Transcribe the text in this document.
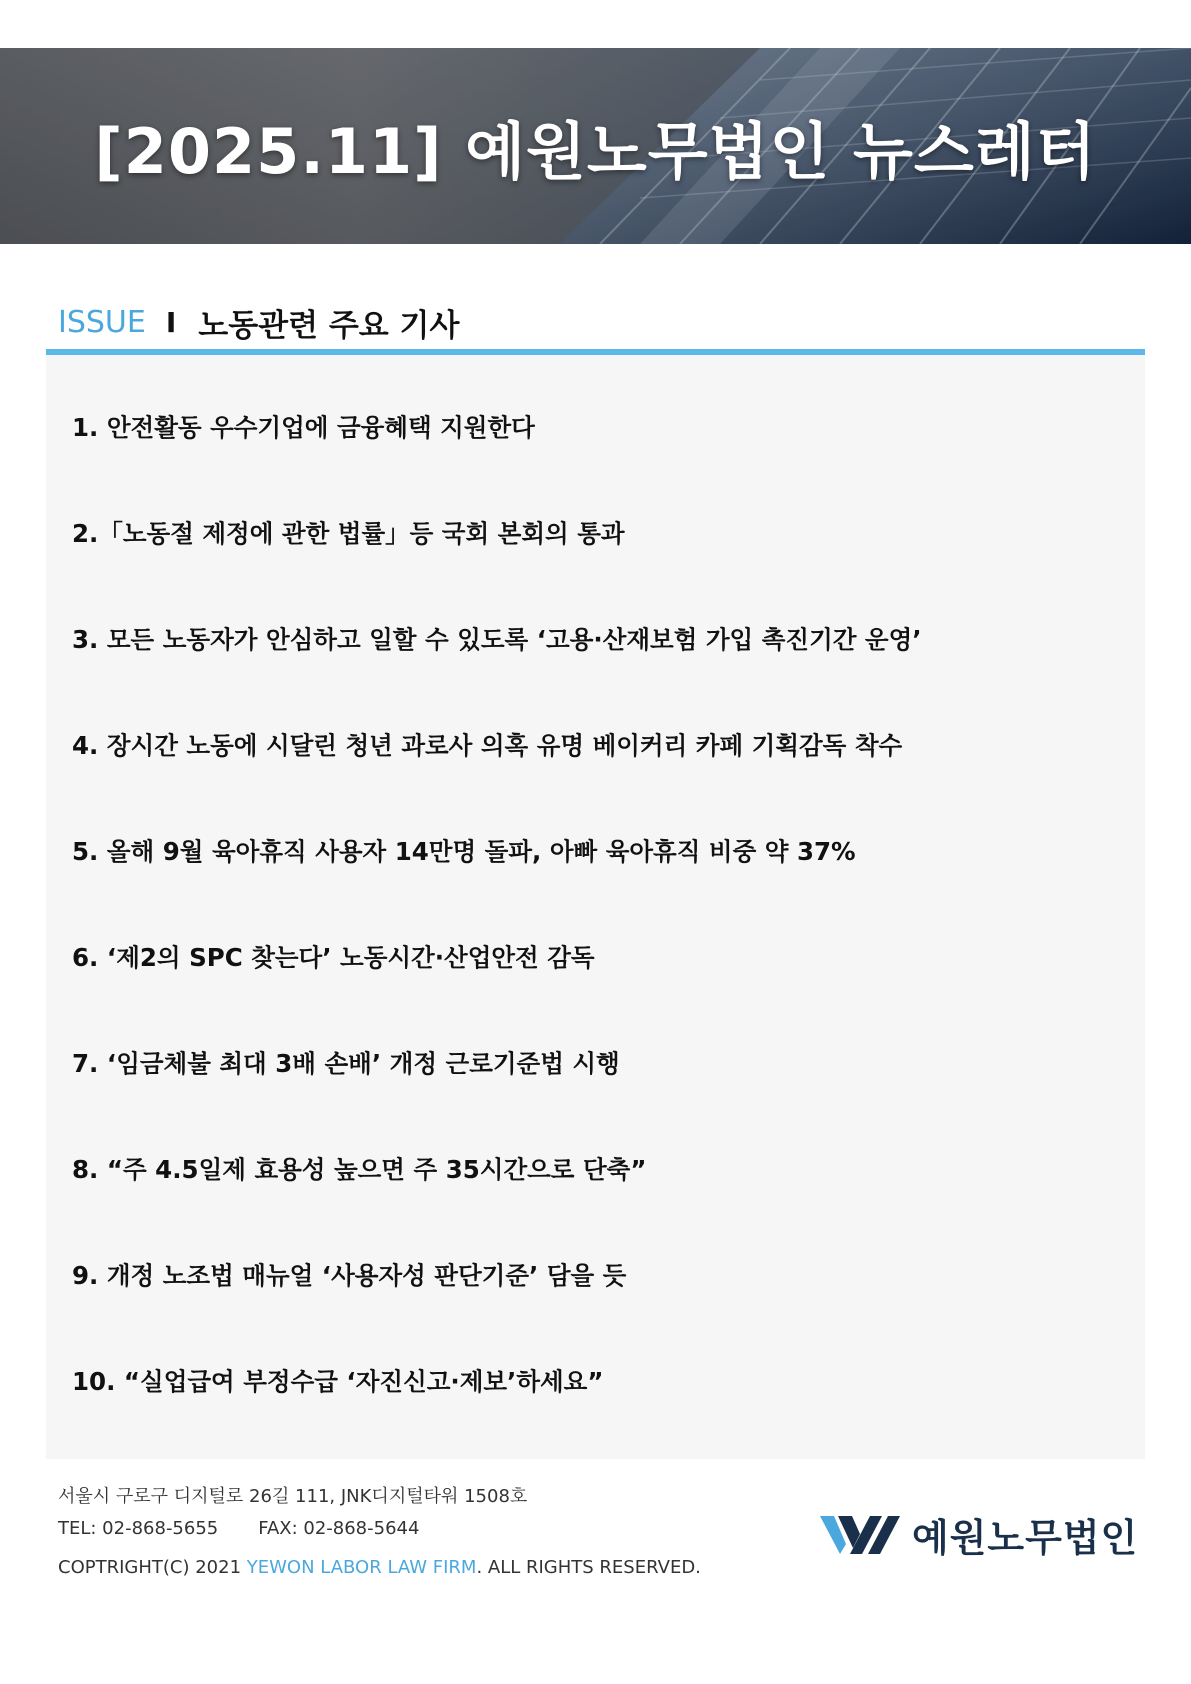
[2025.11] 예원노무법인 뉴스레터
ISSUE I 노동관련 주요 기사
1. 안전활동 우수기업에 금융혜택 지원한다
2.「노동절 제정에 관한 법률」등 국회 본회의 통과
3. 모든 노동자가 안심하고 일할 수 있도록 ‘고용·산재보험 가입 촉진기간 운영’
4. 장시간 노동에 시달린 청년 과로사 의혹 유명 베이커리 카페 기획감독 착수
5. 올해 9월 육아휴직 사용자 14만명 돌파, 아빠 육아휴직 비중 약 37%
6. ‘제2의 SPC 찾는다’ 노동시간·산업안전 감독
7. ‘임금체불 최대 3배 손배’ 개정 근로기준법 시행
8. “주 4.5일제 효용성 높으면 주 35시간으로 단축”
9. 개정 노조법 매뉴얼 ‘사용자성 판단기준’ 담을 듯
10. “실업급여 부정수급 ‘자진신고·제보’하세요”
서울시 구로구 디지털로 26길 111, JNK디지털타워 1508호
TEL: 02-868-5655 FAX: 02-868-5644
COPTRIGHT(C) 2021 YEWON LABOR LAW FIRM. ALL RIGHTS RESERVED.
예원노무법인
